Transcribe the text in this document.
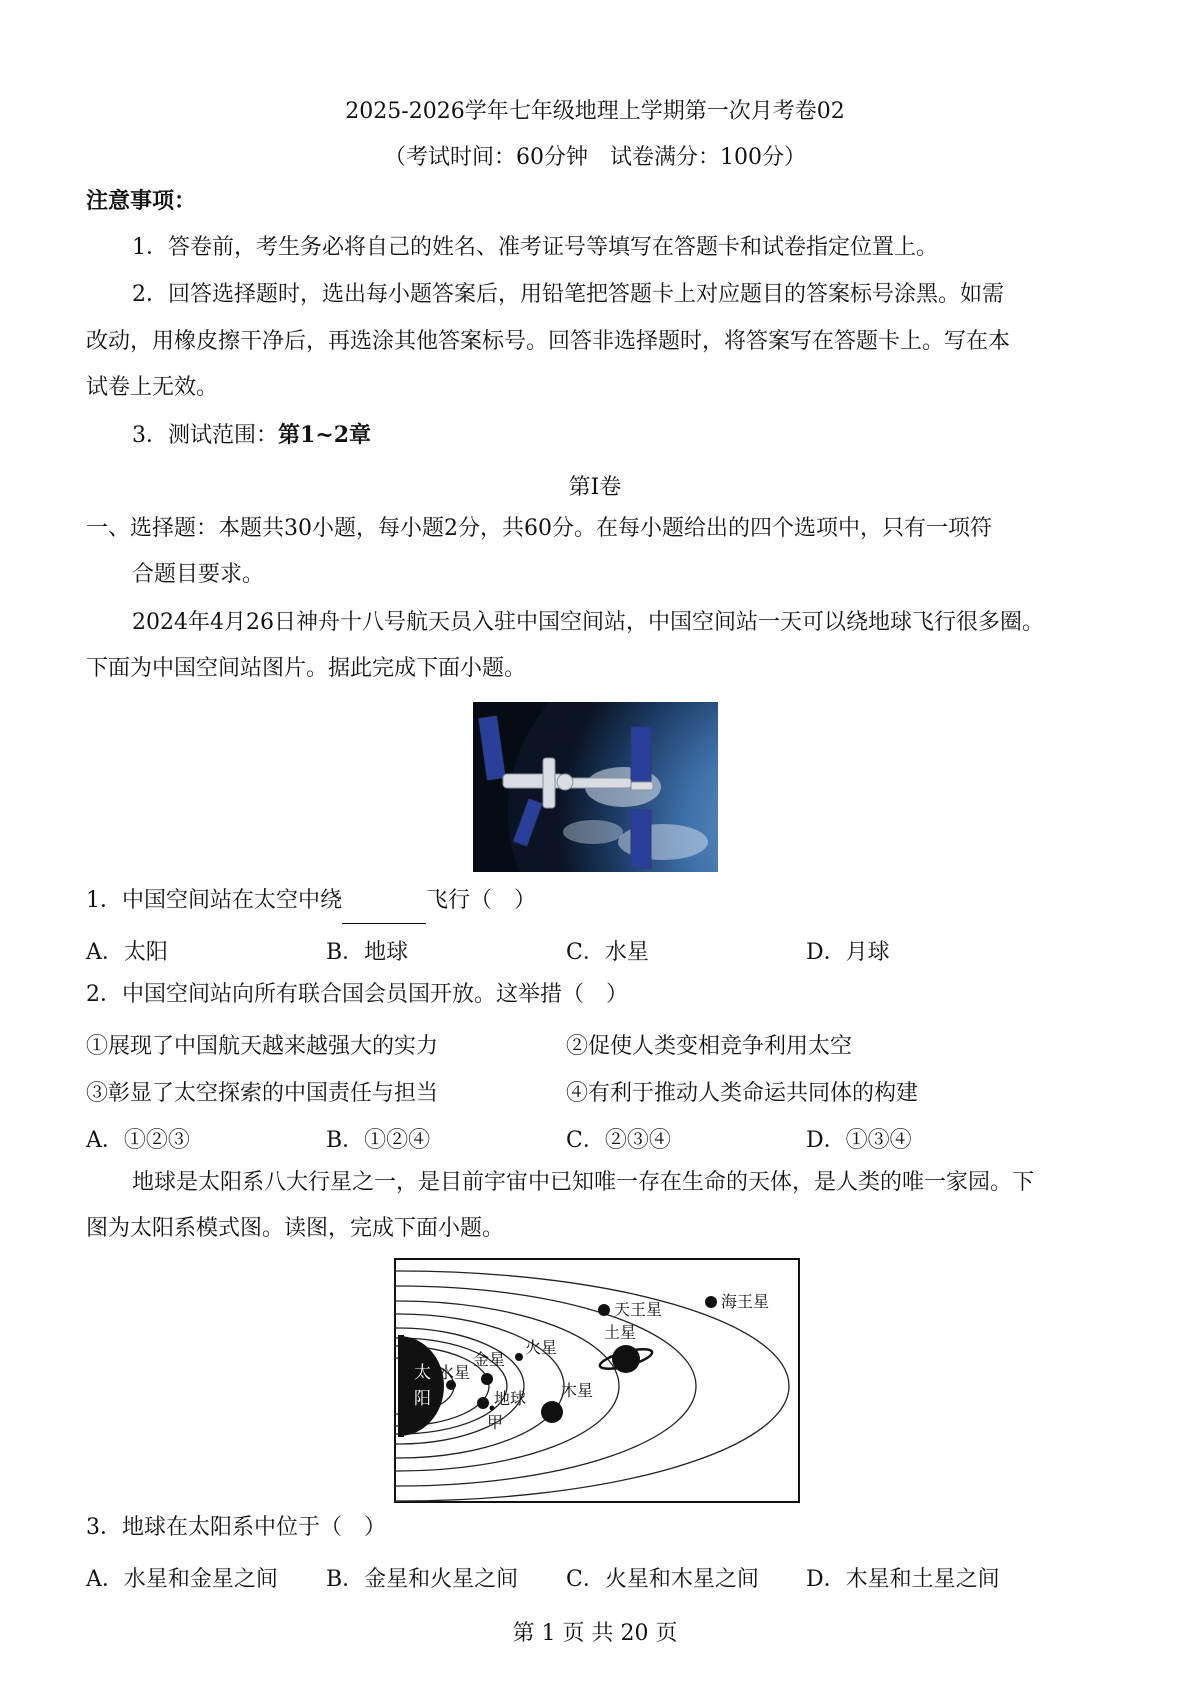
2025-2026学年七年级地理上学期第一次月考卷02
（考试时间：60分钟　试卷满分：100分）
注意事项：
1．答卷前，考生务必将自己的姓名、准考证号等填写在答题卡和试卷指定位置上。
2．回答选择题时，选出每小题答案后，用铅笔把答题卡上对应题目的答案标号涂黑。如需
改动，用橡皮擦干净后，再选涂其他答案标号。回答非选择题时，将答案写在答题卡上。写在本
试卷上无效。
3．测试范围：第1~2章
第Ⅰ卷
一、选择题：本题共30小题，每小题2分，共60分。在每小题给出的四个选项中，只有一项符
合题目要求。
2024年4月26日神舟十八号航天员入驻中国空间站，中国空间站一天可以绕地球飞行很多圈。
下面为中国空间站图片。据此完成下面小题。
1．中国空间站在太空中绕	飞行（　）
A．太阳	B．地球	C．水星	D．月球
2．中国空间站向所有联合国会员国开放。这举措（　）
①展现了中国航天越来越强大的实力	②促使人类变相竞争利用太空
③彰显了太空探索的中国责任与担当	④有利于推动人类命运共同体的构建
A．①②③	B．①②④	C．②③④	D．①③④
地球是太阳系八大行星之一，是目前宇宙中已知唯一存在生命的天体，是人类的唯一家园。下
图为太阳系模式图。读图，完成下面小题。
太
阳
水星
金星
地球
甲
火星
木星
土星
天王星	海王星
3．地球在太阳系中位于（　）
A．水星和金星之间 B．金星和火星之间 C．火星和木星之间 D．木星和土星之间
第 1 页 共 20 页
